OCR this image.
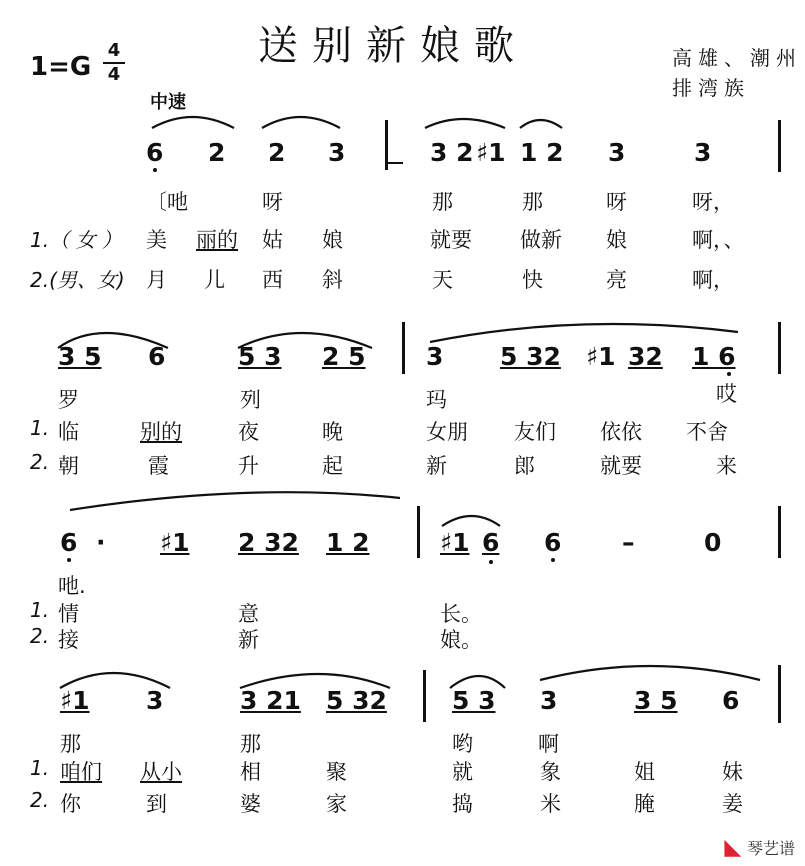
送别新娘歌
$1=G \frac{4}{4}$
中速
高雄、潮州
排湾族
6 2 2 3	3 2 ♯1 1 2 3	3
〔吔	呀	那	那	呀	呀，
1.（ 女 ） 美 丽的 姑 娘	就要 做新 娘	啊，、
2.(男、女) 月 儿 西 斜	天	快	亮	啊，
3 5 6	5 3 2 5 3 5 32 ♯1 32 1 6
罗	列	玛	哎
1. 临	别的	夜	晚	女朋 友们 依依 不舍
2. 朝	霞	升	起	新	郎	就要	来
6 · ♯1 2 32 1 2	♯1 6 6 –	0
吔.
1. 情	意	长。
2. 接	新	娘。
♯1 3	3 21 5 32	5 3 3	3 5 6
那	那	哟	啊
1. 咱们 从小	相	聚	就	象	姐	妹
2. 你	到	婆	家	捣	米	腌	姜
◣ 琴艺谱
